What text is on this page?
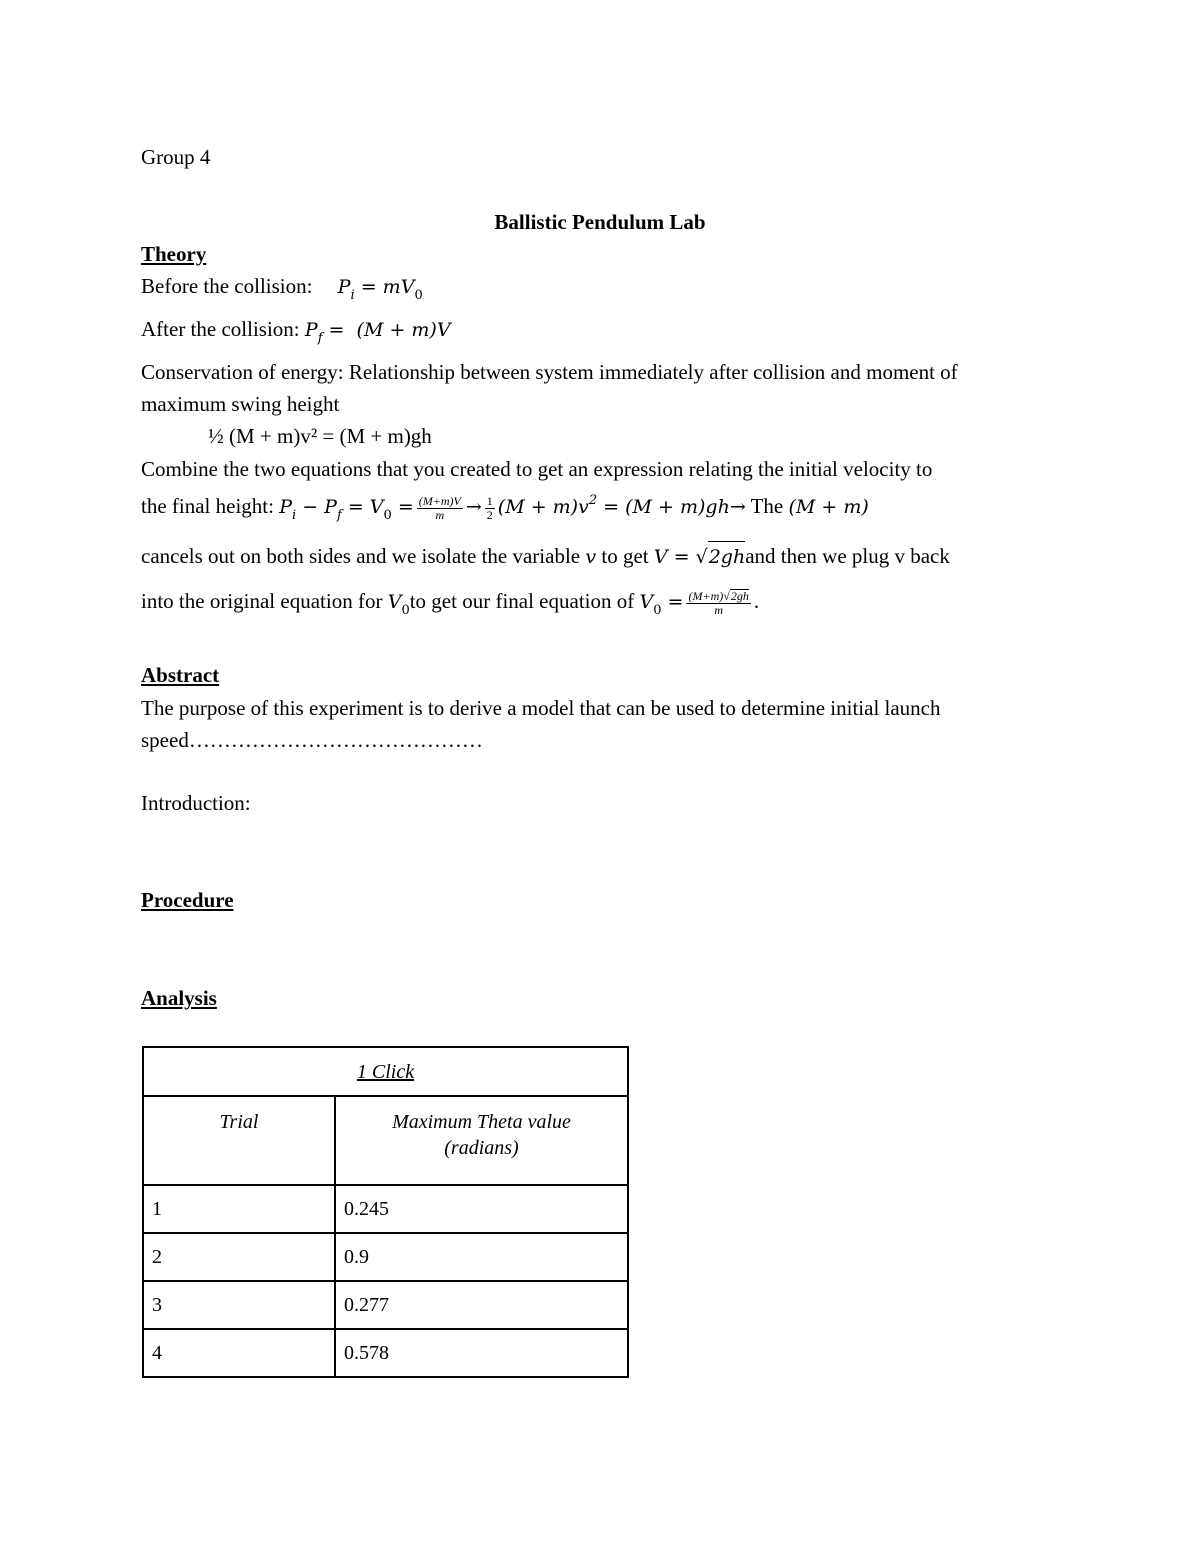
Group 4
Ballistic Pendulum Lab
Theory
Before the collision: $P_i = mV_0$
After the collision: $P_f = (M + m)V$
Conservation of energy: Relationship between system immediately after collision and moment of
maximum swing height
½ (M + m)v² = (M + m)gh
Combine the two equations that you created to get an expression relating the initial velocity to
the final height: $P_i - P_f = V_0 = \frac{(M+m)V}{m} \to \frac{1}{2} (M + m)v^2 = (M + m)gh\to$ The (M + m)
cancels out on both sides and we isolate the variable v to get V = √2ghand then we plug v back
into the original equation for $V_0to$ get our final equation of $V_0 = \frac{(M+m)√2gh}{m}$ .
Abstract
The purpose of this experiment is to derive a model that can be used to determine initial launch
speed……………………………………
Introduction:
Procedure
Analysis
1 Click	
Trial	Maximum Theta value
(radians)
1	0.245
2	0.9
3	0.277
4	0.578
